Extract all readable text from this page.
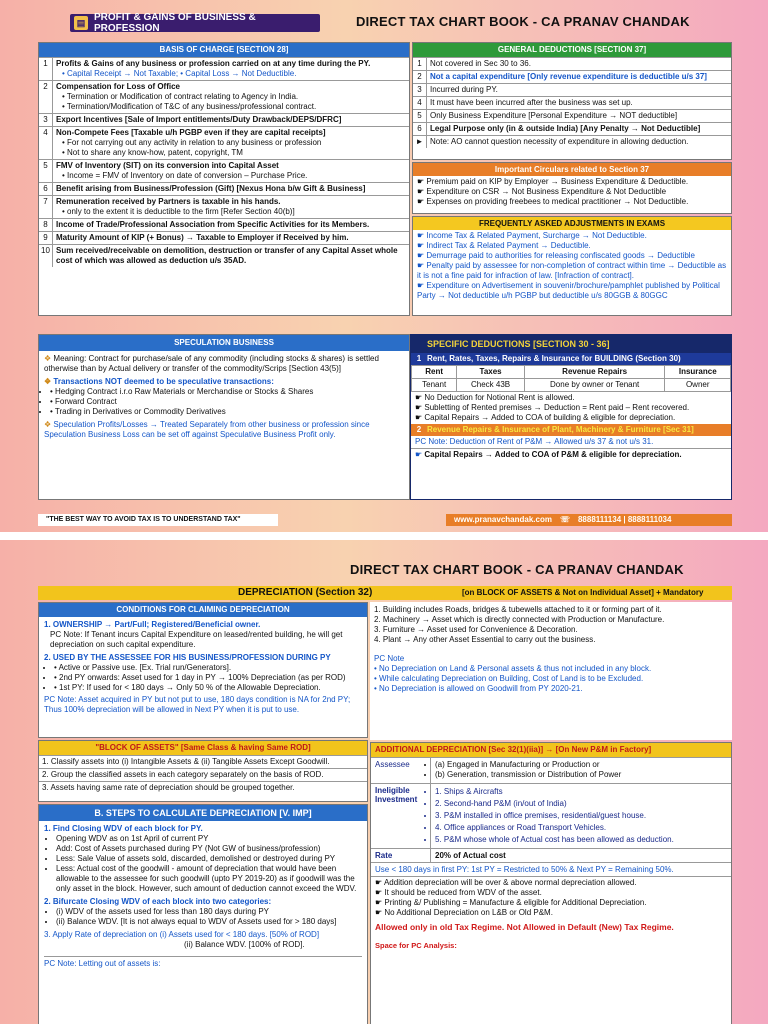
▤ PROFIT & GAINS OF BUSINESS & PROFESSION	DIRECT TAX CHART BOOK - CA PRANAV CHANDAK
BASIS OF CHARGE [SECTION 28]
1	Profits & Gains of any business or profession carried on at any time during the PY.
• Capital Receipt → Not Taxable; • Capital Loss → Not Deductible.
2	Compensation for Loss of Office
• Termination or Modification of contract relating to Agency in India.
• Termination/Modification of T&C of any business/professional contract.
3	Export Incentives [Sale of Import entitlements/Duty Drawback/DEPS/DFRC]
4	Non-Compete Fees [Taxable u/h PGBP even if they are capital receipts]
• For not carrying out any activity in relation to any business or profession
• Not to share any know-how, patent, copyright, TM
5	FMV of Inventory (SIT) on its conversion into Capital Asset
• Income = FMV of Inventory on date of conversion – Purchase Price.
6	Benefit arising from Business/Profession (Gift) [Nexus Hona b/w Gift & Business]
7	Remuneration received by Partners is taxable in his hands.
• only to the extent it is deductible to the firm [Refer Section 40(b)]
8	Income of Trade/Professional Association from Specific Activities for its Members.
9	Maturity Amount of KIP (+ Bonus) → Taxable to Employer if Received by him.
10 Sum received/receivable on demolition, destruction or transfer of any Capital Asset whole cost of which was allowed as deduction u/s 35AD.
GENERAL DEDUCTIONS [SECTION 37]
1	Not covered in Sec 30 to 36.
2	Not a capital expenditure [Only revenue expenditure is deductible u/s 37]
3	Incurred during PY.
4	It must have been incurred after the business was set up.
5	Only Business Expenditure [Personal Expenditure → NOT deductible]
6	Legal Purpose only (in & outside India) [Any Penalty → Not Deductible]
► Note: AO cannot question necessity of expenditure in allowing deduction.
Important Circulars related to Section 37
☛ Premium paid on KIP by Employer → Business Expenditure & Deductible.
☛ Expenditure on CSR → Not Business Expenditure & Not Deductible
☛ Expenses on providing freebees to medical practitioner → Not Deductible.
FREQUENTLY ASKED ADJUSTMENTS IN EXAMS
☛ Income Tax & Related Payment, Surcharge → Not Deductible.
☛ Indirect Tax & Related Payment → Deductible.
☛ Demurrage paid to authorities for releasing confiscated goods → Deductible
☛ Penalty paid by assessee for non-completion of contract within time → Deductible as it is not a fine paid for infraction of law. [Infraction of contract].
☛ Expenditure on Advertisement in souvenir/brochure/pamphlet published by Political Party → Not deductible u/h PGBP but deductible u/s 80GGB & 80GGC
SPECULATION BUSINESS
❖ Meaning: Contract for purchase/sale of any commodity (including stocks & shares) is settled otherwise than by Actual delivery or transfer of the commodity/Scrips [Section 43(5)]
❖ Transactions NOT deemed to be speculative transactions:
• • Hedging Contract i.r.o Raw Materials or Merchandise or Stocks & Shares
• • Forward Contract
• • Trading in Derivatives or Commodity Derivatives
❖ Speculation Profits/Losses → Treated Separately from other business or profession since Speculation Business Loss can be set off against Speculative Business Profit only.
SPECIFIC DEDUCTIONS [SECTION 30 - 36]
1 Rent, Rates, Taxes, Repairs & Insurance for BUILDING (Section 30)
Rent	Taxes	Revenue Repairs	Insurance
Tenant	Check 43B	Done by owner or Tenant	Owner
☛ No Deduction for Notional Rent is allowed.
☛ Subletting of Rented premises → Deduction = Rent paid – Rent recovered.
☛ Capital Repairs → Added to COA of building & eligible for depreciation.
2 Revenue Repairs & Insurance of Plant, Machinery & Furniture [Sec 31]
PC Note: Deduction of Rent of P&M → Allowed u/s 37 & not u/s 31.
☛ Capital Repairs → Added to COA of P&M & eligible for depreciation.
"THE BEST WAY TO AVOID TAX IS TO UNDERSTAND TAX"	www.pranavchandak.com ☏ 8888111134 | 8888111034
DIRECT TAX CHART BOOK - CA PRANAV CHANDAK
DEPRECIATION (Section 32)	[on BLOCK OF ASSETS & Not on Individual Asset] + Mandatory
CONDITIONS FOR CLAIMING DEPRECIATION
1. OWNERSHIP → Part/Full; Registered/Beneficial owner.
PC Note: If Tenant incurs Capital Expenditure on leased/rented building, he will get depreciation on such capital expenditure.
2. USED BY THE ASSESSEE FOR HIS BUSINESS/PROFESSION DURING PY
• • Active or Passive use. [Ex. Trial run/Generators].
• • 2nd PY onwards: Asset used for 1 day in PY → 100% Depreciation (as per ROD)
• • 1st PY: If used for < 180 days → Only 50 % of the Allowable Depreciation.
PC Note: Asset acquired in PY but not put to use, 180 days condition is NA for 2nd PY; Thus 100% depreciation will be allowed in Next PY when it is put to use.
"BLOCK OF ASSETS" [Same Class & having Same ROD]
1. Classify assets into (i) Intangible Assets & (ii) Tangible Assets Except Goodwill.
2. Group the classified assets in each category separately on the basis of ROD.
3. Assets having same rate of depreciation should be grouped together.
B. STEPS TO CALCULATE DEPRECIATION [V. IMP]
1. Find Closing WDV of each block for PY.
• Opening WDV as on 1st April of current PY
• Add: Cost of Assets purchased during PY (Not GW of business/profession)
• Less: Sale Value of assets sold, discarded, demolished or destroyed during PY
• Less: Actual cost of the goodwill - amount of depreciation that would have been allowable to the assessee for such goodwill (upto PY 2019-20) as if goodwill was the only asset in the block. However, such amount of deduction cannot exceed the WDV.
2. Bifurcate Closing WDV of each block into two categories:
• (i) WDV of the assets used for less than 180 days during PY
• (ii) Balance WDV. [It is not always equal to WDV of Assets used for > 180 days]
3. Apply Rate of depreciation on (i) Assets used for < 180 days. [50% of ROD]
(ii) Balance WDV. [100% of ROD].
PC Note: Letting out of assets is:
• 1. Building includes Roads, bridges & tubewells attached to it or forming part of it.
• 2. Machinery → Asset which is directly connected with Production or Manufacture.
• 3. Furniture → Asset used for Convenience & Decoration.
• 4. Plant → Any other Asset Essential to carry out the business.
PC Note
• • No Depreciation on Land & Personal assets & thus not included in any block.
• • While calculating Depreciation on Building, Cost of Land is to be Excluded.
• • No Depreciation is allowed on Goodwill from PY 2020-21.
ADDITIONAL DEPRECIATION [Sec 32(1)(iia)] → [On New P&M in Factory]
Assessee	• (a) Engaged in Manufacturing or Production or
• (b) Generation, transmission or Distribution of Power
Ineligible Investment
• 1. Ships & Aircrafts
• 2. Second-hand P&M (in/out of India)
• 3. P&M installed in office premises, residential/guest house.
• 4. Office appliances or Road Transport Vehicles.
• 5. P&M whose whole of Actual cost has been allowed as deduction.
Rate	20% of Actual cost
Use < 180 days in first PY: 1st PY = Restricted to 50% & Next PY = Remaining 50%.
• ☛ Addition depreciation will be over & above normal depreciation allowed.
• ☛ It should be reduced from WDV of the asset.
• ☛ Printing &/ Publishing = Manufacture & eligible for Additional Depreciation.
• ☛ No Additional Depreciation on L&B or Old P&M.
Allowed only in old Tax Regime. Not Allowed in Default (New) Tax Regime.
Space for PC Analysis:
